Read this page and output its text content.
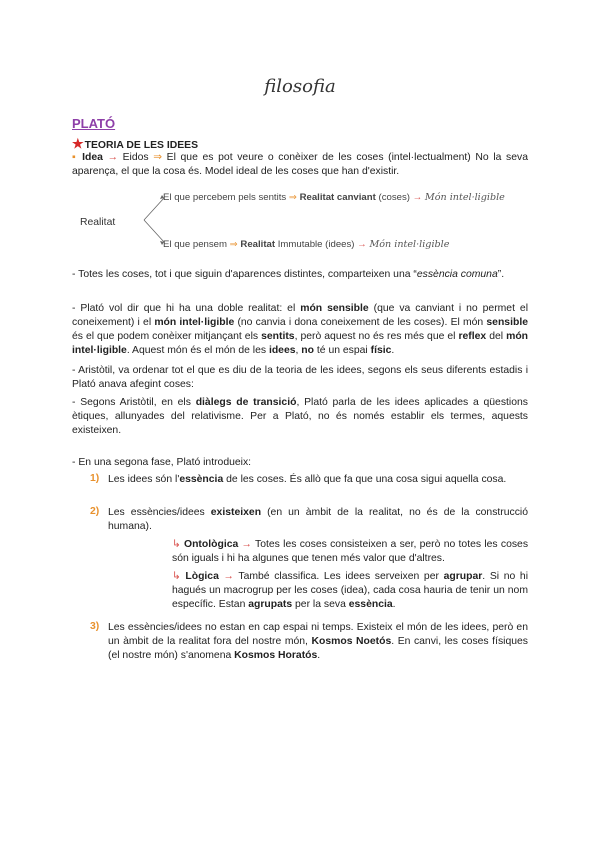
filosofia
PLATÓ
★TEORIA DE LES IDEES
▪ Idea → Eidos ⇒ El que es pot veure o conèixer de les coses (intel·lectualment) No la seva aparença, el que la cosa és. Model ideal de les coses que han d'existir.
Realitat
El que percebem pels sentits ⇒ Realitat canviant (coses) → Món intel·ligible
El que pensem ⇒ Realitat Immutable (idees) → Món intel·ligible
- Totes les coses, tot i que siguin d'aparences distintes, comparteixen una “essència comuna”.
- Plató vol dir que hi ha una doble realitat: el món sensible (que va canviant i no permet el coneixement) i el món intel·ligible (no canvia i dona coneixement de les coses). El món sensible és el que podem conèixer mitjançant els sentits, però aquest no és res més que el reflex del món intel·ligible. Aquest món és el món de les idees, no té un espai físic.
- Aristòtil, va ordenar tot el que es diu de la teoria de les idees, segons els seus diferents estadis i Plató anava afegint coses:
- Segons Aristòtil, en els diàlegs de transició, Plató parla de les idees aplicades a qüestions ètiques, allunyades del relativisme. Per a Plató, no és només establir els termes, aquests existeixen.
- En una segona fase, Plató introdueix:
1) Les idees són l'essència de les coses. És allò que fa que una cosa sigui aquella cosa.
2) Les essències/idees existeixen (en un àmbit de la realitat, no és de la construcció humana).
↳ Ontològica → Totes les coses consisteixen a ser, però no totes les coses són iguals i hi ha algunes que tenen més valor que d'altres.
↳ Lògica → També classifica. Les idees serveixen per agrupar. Si no hi hagués un macrogrup per les coses (idea), cada cosa hauria de tenir un nom específic. Estan agrupats per la seva essència.
3) Les essències/idees no estan en cap espai ni temps. Existeix el món de les idees, però en un àmbit de la realitat fora del nostre món, Kosmos Noetós. En canvi, les coses físiques (el nostre món) s'anomena Kosmos Horatós.
